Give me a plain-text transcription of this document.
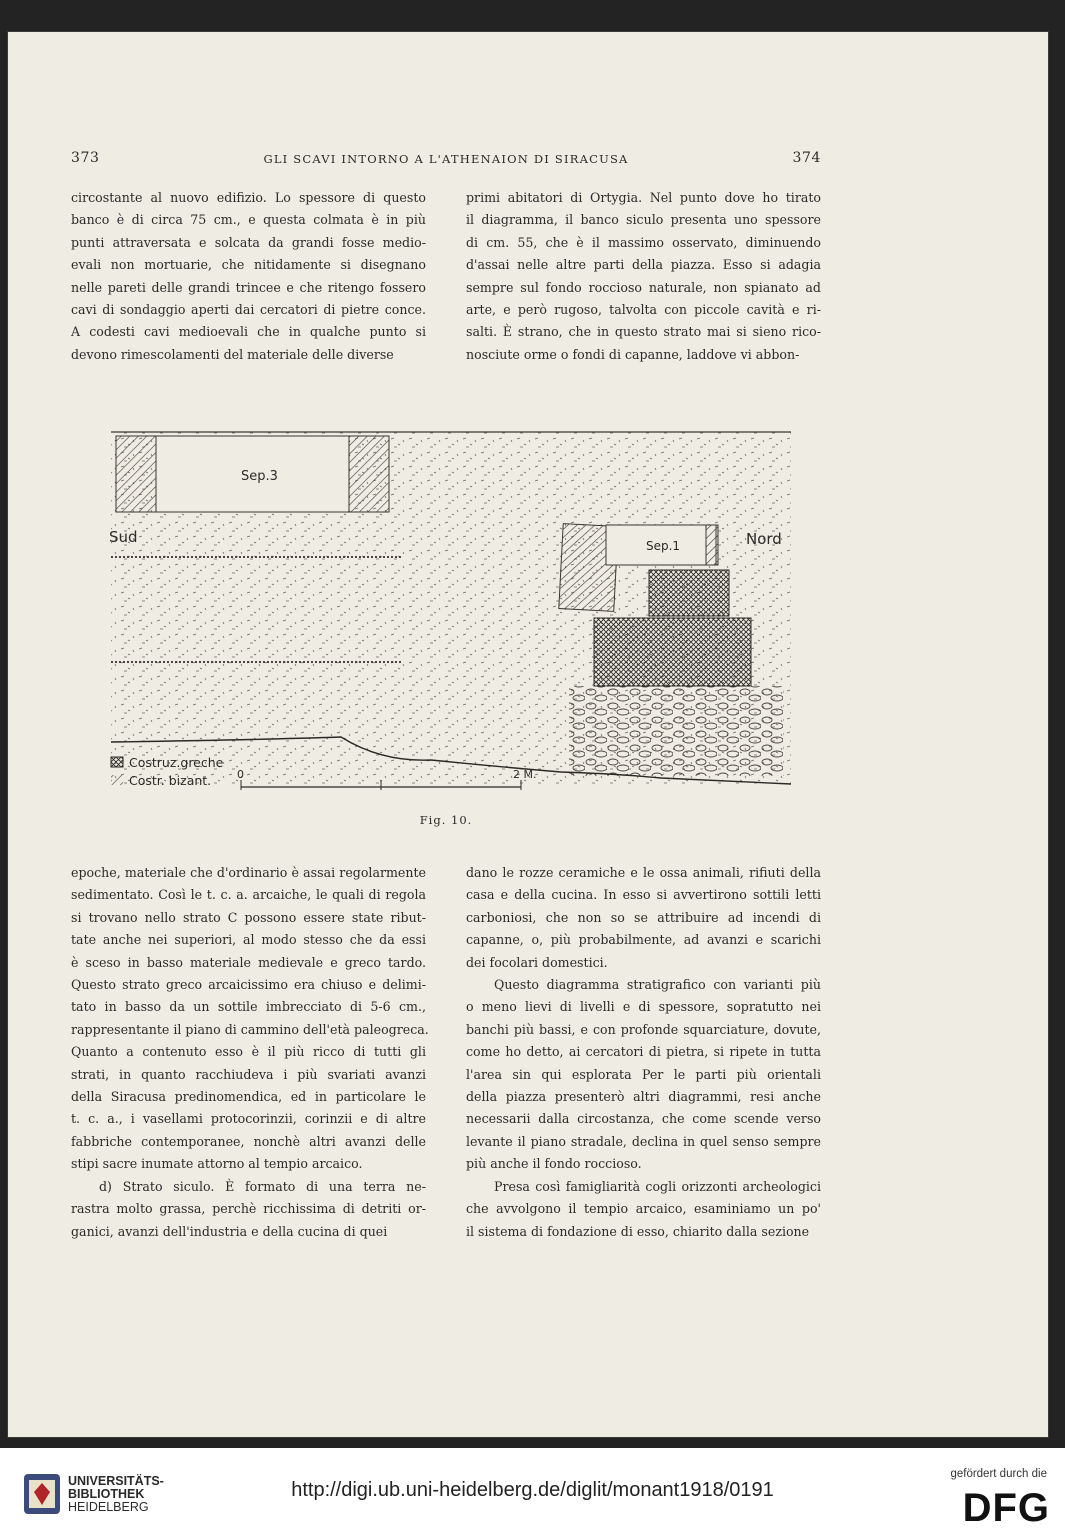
373	GLI SCAVI INTORNO A L'ATHENAION DI SIRACUSA	374
circostante al nuovo edifizio. Lo spessore di questo
banco è di circa 75 cm., e questa colmata è in più
punti attraversata e solcata da grandi fosse medio-
evali non mortuarie, che nitidamente si disegnano
nelle pareti delle grandi trincee e che ritengo fossero
cavi di sondaggio aperti dai cercatori di pietre conce.
A codesti cavi medioevali che in qualche punto si
devono rimescolamenti del materiale delle diverse
primi abitatori di Ortygia. Nel punto dove ho tirato
il diagramma, il banco siculo presenta uno spessore
di cm. 55, che è il massimo osservato, diminuendo
d'assai nelle altre parti della piazza. Esso si adagia
sempre sul fondo roccioso naturale, non spianato ad
arte, e però rugoso, talvolta con piccole cavità e ri-
salti. È strano, che in questo strato mai si sieno rico-
nosciute orme o fondi di capanne, laddove vi abbon-
Sep.3
Sud	Nord
Sep.1
Costruz.greche
Costr. bizant. 0	2 M.
Fig. 10.
epoche, materiale che d'ordinario è assai regolarmente
sedimentato. Così le t. c. a. arcaiche, le quali di regola
si trovano nello strato C possono essere state ribut-
tate anche nei superiori, al modo stesso che da essi
è sceso in basso materiale medievale e greco tardo.
Questo strato greco arcaicissimo era chiuso e delimi-
tato in basso da un sottile imbrecciato di 5-6 cm.,
rappresentante il piano di cammino dell'età paleogreca.
Quanto a contenuto esso è il più ricco di tutti gli
strati, in quanto racchiudeva i più svariati avanzi
della Siracusa predinomendica, ed in particolare le
t. c. a., i vasellami protocorinzii, corinzii e di altre
fabbriche contemporanee, nonchè altri avanzi delle
stipi sacre inumate attorno al tempio arcaico.
d) Strato siculo. È formato di una terra ne-
rastra molto grassa, perchè ricchissima di detriti or-
ganici, avanzi dell'industria e della cucina di quei
dano le rozze ceramiche e le ossa animali, rifiuti della
casa e della cucina. In esso si avvertirono sottili letti
carboniosi, che non so se attribuire ad incendi di
capanne, o, più probabilmente, ad avanzi e scarichi
dei focolari domestici.
Questo diagramma stratigrafico con varianti più
o meno lievi di livelli e di spessore, sopratutto nei
banchi più bassi, e con profonde squarciature, dovute,
come ho detto, ai cercatori di pietra, si ripete in tutta
l'area sin qui esplorata Per le parti più orientali
della piazza presenterò altri diagrammi, resi anche
necessarii dalla circostanza, che come scende verso
levante il piano stradale, declina in quel senso sempre
più anche il fondo roccioso.
Presa così famigliarità cogli orizzonti archeologici
che avvolgono il tempio arcaico, esaminiamo un po'
il sistema di fondazione di esso, chiarito dalla sezione
UNIVERSITÄTS-
BIBLIOTHEK
HEIDELBERG
http://digi.ub.uni-heidelberg.de/diglit/monant1918/0191
gefördert durch die
DFG
